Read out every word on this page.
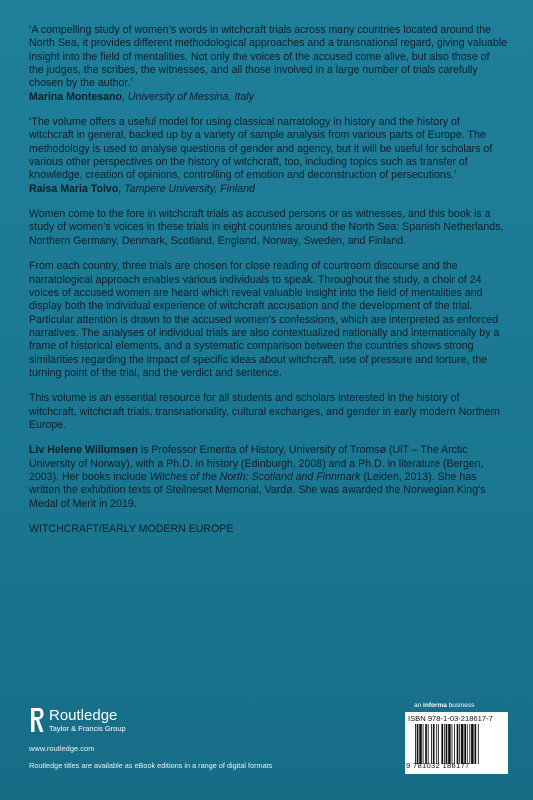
‘A compelling study of women’s words in witchcraft trials across many countries located around the North Sea, it provides different methodological approaches and a transnational regard, giving valuable insight into the field of mentalities. Not only the voices of the accused come alive, but also those of the judges, the scribes, the witnesses, and all those involved in a large number of trials carefully chosen by the author.’

Marina Montesano, University of Messina, Italy

‘The volume offers a useful model for using classical narratology in history and the history of witchcraft in general, backed up by a variety of sample analysis from various parts of Europe. The methodology is used to analyse questions of gender and agency, but it will be useful for scholars of various other perspectives on the history of witchcraft, too, including topics such as transfer of knowledge, creation of opinions, controlling of emotion and deconstruction of persecutions.’

Raisa Maria Toivo, Tampere University, Finland

Women come to the fore in witchcraft trials as accused persons or as witnesses, and this book is a study of women’s voices in these trials in eight countries around the North Sea: Spanish Netherlands, Northern Germany, Denmark, Scotland, England, Norway, Sweden, and Finland.

From each country, three trials are chosen for close reading of courtroom discourse and the narratological approach enables various individuals to speak. Throughout the study, a choir of 24 voices of accused women are heard which reveal valuable insight into the field of mentalities and display both the individual experience of witchcraft accusation and the development of the trial. Particular attention is drawn to the accused women’s confessions, which are interpreted as enforced narratives. The analyses of individual trials are also contextualized nationally and internationally by a frame of historical elements, and a systematic comparison between the countries shows strong similarities regarding the impact of specific ideas about witchcraft, use of pressure and torture, the turning point of the trial, and the verdict and sentence.

This volume is an essential resource for all students and scholars interested in the history of witchcraft, witchcraft trials, transnationality, cultural exchanges, and gender in early modern Northern Europe.

Liv Helene Willumsen is Professor Emerita of History, University of Tromsø (UiT – The Arctic University of Norway), with a Ph.D. in history (Edinburgh, 2008) and a Ph.D. in literature (Bergen, 2003). Her books include Witches of the North: Scotland and Finnmark (Leiden, 2013). She has written the exhibition texts of Steilneset Memorial, Vardø. She was awarded the Norwegian King’s Medal of Merit in 2019.

WITCHCRAFT/EARLY MODERN EUROPE

Routledge
Taylor & Francis Group
www.routledge.com
Routledge titles are available as eBook editions in a range of digital formats
an informa business
ISBN 978-1-03-218617-7
9 781032 186177
